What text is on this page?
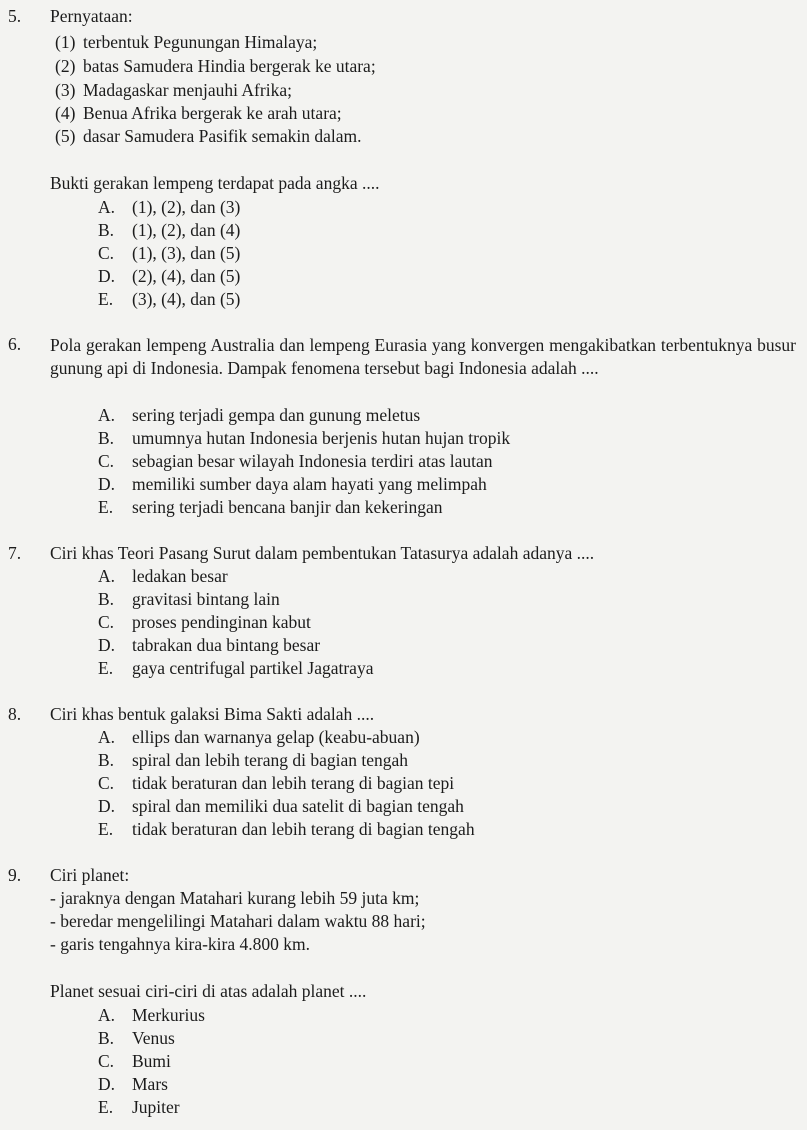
5. Pernyataan:
(1) terbentuk Pegunungan Himalaya;
(2) batas Samudera Hindia bergerak ke utara;
(3) Madagaskar menjauhi Afrika;
(4) Benua Afrika bergerak ke arah utara;
(5) dasar Samudera Pasifik semakin dalam.
Bukti gerakan lempeng terdapat pada angka ....
A. (1), (2), dan (3)
B. (1), (2), dan (4)
C. (1), (3), dan (5)
D. (2), (4), dan (5)
E. (3), (4), dan (5)
6. Pola gerakan lempeng Australia dan lempeng Eurasia yang konvergen mengakibatkan terbentuknya busur gunung api di Indonesia. Dampak fenomena tersebut bagi Indonesia adalah ....
A. sering terjadi gempa dan gunung meletus
B. umumnya hutan Indonesia berjenis hutan hujan tropik
C. sebagian besar wilayah Indonesia terdiri atas lautan
D. memiliki sumber daya alam hayati yang melimpah
E. sering terjadi bencana banjir dan kekeringan
7. Ciri khas Teori Pasang Surut dalam pembentukan Tatasurya adalah adanya ....
A. ledakan besar
B. gravitasi bintang lain
C. proses pendinginan kabut
D. tabrakan dua bintang besar
E. gaya centrifugal partikel Jagatraya
8. Ciri khas bentuk galaksi Bima Sakti adalah ....
A. ellips dan warnanya gelap (keabu-abuan)
B. spiral dan lebih terang di bagian tengah
C. tidak beraturan dan lebih terang di bagian tepi
D. spiral dan memiliki dua satelit di bagian tengah
E. tidak beraturan dan lebih terang di bagian tengah
9. Ciri planet:
- jaraknya dengan Matahari kurang lebih 59 juta km;
- beredar mengelilingi Matahari dalam waktu 88 hari;
- garis tengahnya kira-kira 4.800 km.
Planet sesuai ciri-ciri di atas adalah planet ....
A. Merkurius
B. Venus
C. Bumi
D. Mars
E. Jupiter
